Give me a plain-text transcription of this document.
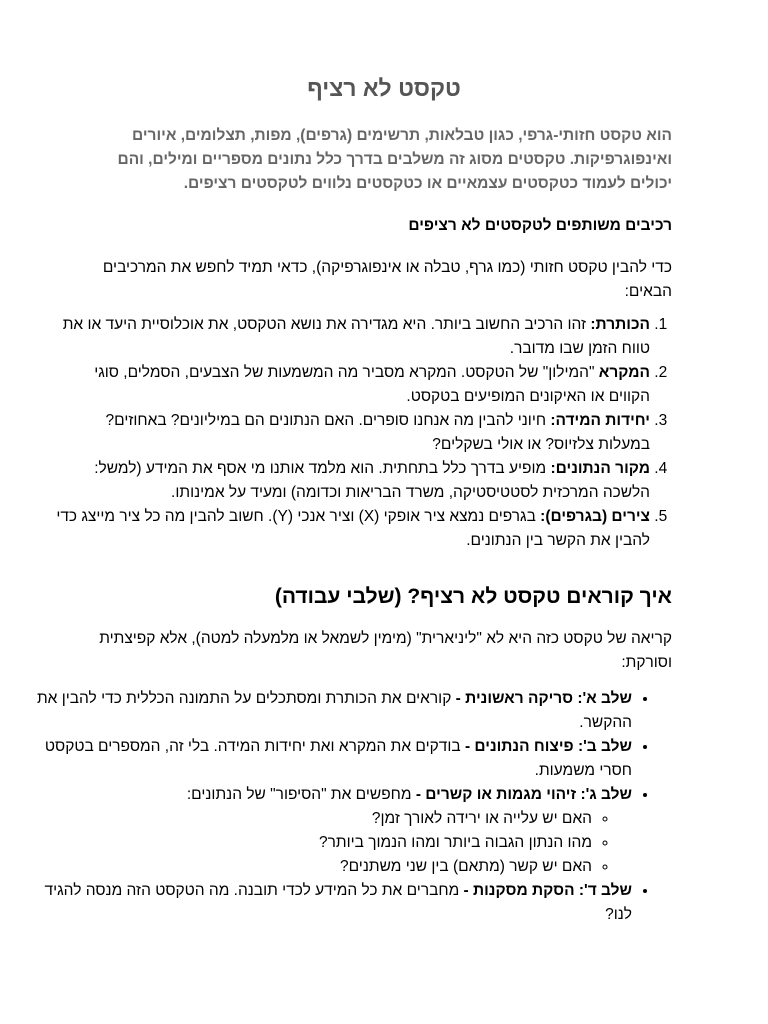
טקסט לא רציף

הוא טקסט חזותי-גרפי, כגון טבלאות, תרשימים (גרפים), מפות, תצלומים, איורים ואינפוגרפיקות. טקסטים מסוג זה משלבים בדרך כלל נתונים מספריים ומילים, והם יכולים לעמוד כטקסטים עצמאיים או כטקסטים נלווים לטקסטים רציפים.

רכיבים משותפים לטקסטים לא רציפים

כדי להבין טקסט חזותי (כמו גרף, טבלה או אינפוגרפיקה), כדאי תמיד לחפש את המרכיבים הבאים:

1. הכותרת: זהו הרכיב החשוב ביותר. היא מגדירה את נושא הטקסט, את אוכלוסיית היעד או את טווח הזמן שבו מדובר.
2. המקרא "המילון" של הטקסט. המקרא מסביר מה המשמעות של הצבעים, הסמלים, סוגי הקווים או האיקונים המופיעים בטקסט.
3. יחידות המידה: חיוני להבין מה אנחנו סופרים. האם הנתונים הם במיליונים? באחוזים? במעלות צלזיוס? או אולי בשקלים?
4. מקור הנתונים: מופיע בדרך כלל בתחתית. הוא מלמד אותנו מי אסף את המידע (למשל: הלשכה המרכזית לסטטיסטיקה, משרד הבריאות וכדומה) ומעיד על אמינותו.
5. צירים (בגרפים): בגרפים נמצא ציר אופקי (X) וציר אנכי (Y). חשוב להבין מה כל ציר מייצג כדי להבין את הקשר בין הנתונים.
איך קוראים טקסט לא רציף? (שלבי עבודה)

קריאה של טקסט כזה היא לא "ליניארית" (מימין לשמאל או מלמעלה למטה), אלא קפיצתית וסורקת:

• שלב א': סריקה ראשונית - קוראים את הכותרת ומסתכלים על התמונה הכללית כדי להבין את ההקשר.
• שלב ב': פיצוח הנתונים - בודקים את המקרא ואת יחידות המידה. בלי זה, המספרים בטקסט חסרי משמעות.
• שלב ג': זיהוי מגמות או קשרים - מחפשים את "הסיפור" של הנתונים:
◦ האם יש עלייה או ירידה לאורך זמן?
◦ מהו הנתון הגבוה ביותר ומהו הנמוך ביותר?
◦ האם יש קשר (מתאם) בין שני משתנים?
• שלב ד': הסקת מסקנות - מחברים את כל המידע לכדי תובנה. מה הטקסט הזה מנסה להגיד לנו?
